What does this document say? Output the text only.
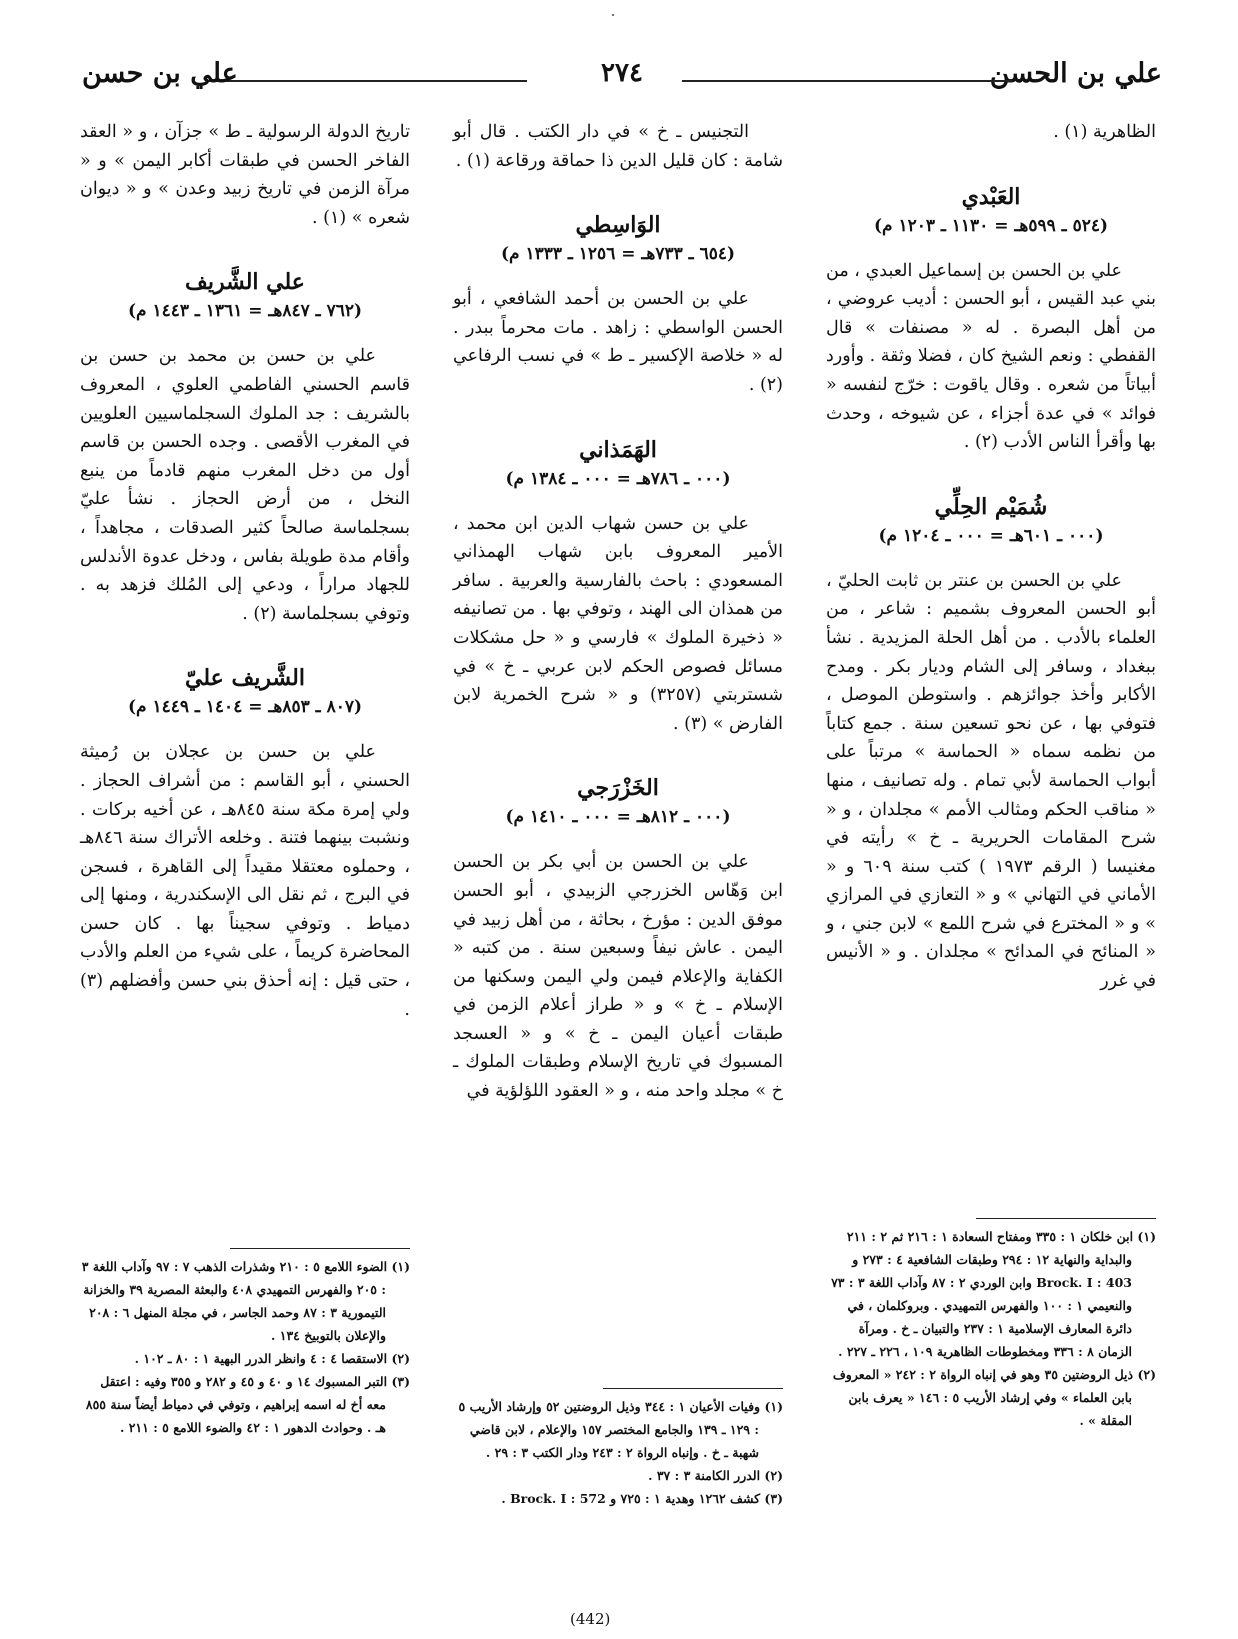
علي بن الحسن
٢٧٤
علي بن حسن

الظاهرية (١) .

العَبْدي
(٥٢٤ ـ ٥٩٩هـ = ١١٣٠ ـ ١٢٠٣ م)

علي بن الحسن بن إسماعيل العبدي ، من بني عبد القيس ، أبو الحسن : أديب عروضي ، من أهل البصرة . له « مصنفات » قال القفطي : ونعم الشيخ كان ، فضلا وثقة . وأورد أبياتاً من شعره . وقال ياقوت : خرّج لنفسه « فوائد » في عدة أجزاء ، عن شيوخه ، وحدث بها وأقرأ الناس الأدب (٢) .

شُمَيْم الحِلِّي
(٠٠٠ ـ ٦٠١هـ = ٠٠٠ ـ ١٢٠٤ م)

علي بن الحسن بن عنتر بن ثابت الحليّ ، أبو الحسن المعروف بشميم : شاعر ، من العلماء بالأدب . من أهل الحلة المزيدية . نشأ ببغداد ، وسافر إلى الشام وديار بكر . ومدح الأكابر وأخذ جوائزهم . واستوطن الموصل ، فتوفي بها ، عن نحو تسعين سنة . جمع كتاباً من نظمه سماه « الحماسة » مرتباً على أبواب الحماسة لأبي تمام . وله تصانيف ، منها « مناقب الحكم ومثالب الأمم » مجلدان ، و « شرح المقامات الحريرية ـ خ » رأيته في مغنيسا ( الرقم ١٩٧٣ ) كتب سنة ٦٠٩ و « الأماني في التهاني » و « التعازي في المرازي » و « المخترع في شرح اللمع » لابن جني ، و « المنائح في المدائح » مجلدان . و « الأنيس في غرر

التجنيس ـ خ » في دار الكتب . قال أبو شامة : كان قليل الدين ذا حماقة ورقاعة (١) .

الوَاسِطي
(٦٥٤ ـ ٧٣٣هـ = ١٢٥٦ ـ ١٣٣٣ م)

علي بن الحسن بن أحمد الشافعي ، أبو الحسن الواسطي : زاهد . مات محرماً ببدر . له « خلاصة الإكسير ـ ط » في نسب الرفاعي (٢) .

الهَمَذاني
(٠٠٠ ـ ٧٨٦هـ = ٠٠٠ ـ ١٣٨٤ م)

علي بن حسن شهاب الدين ابن محمد ، الأمير المعروف بابن شهاب الهمذاني المسعودي : باحث بالفارسية والعربية . سافر من همذان الى الهند ، وتوفي بها . من تصانيفه « ذخيرة الملوك » فارسي و « حل مشكلات مسائل فصوص الحكم لابن عربي ـ خ » في شستربتي (٣٢٥٧) و « شرح الخمرية لابن الفارض » (٣) .

الخَزْرَجي
(٠٠٠ ـ ٨١٢هـ = ٠٠٠ ـ ١٤١٠ م)

علي بن الحسن بن أبي بكر بن الحسن ابن وَهّاس الخزرجي الزبيدي ، أبو الحسن موفق الدين : مؤرخ ، بحاثة ، من أهل زبيد في اليمن . عاش نيفاً وسبعين سنة . من كتبه « الكفاية والإعلام فيمن ولي اليمن وسكنها من الإسلام ـ خ » و « طراز أعلام الزمن في طبقات أعيان اليمن ـ خ » و « العسجد المسبوك في تاريخ الإسلام وطبقات الملوك ـ خ » مجلد واحد منه ، و « العقود اللؤلؤية في

تاريخ الدولة الرسولية ـ ط » جزآن ، و « العقد الفاخر الحسن في طبقات أكابر اليمن » و « مرآة الزمن في تاريخ زبيد وعدن » و « ديوان شعره » (١) .

علي الشَّريف
(٧٦٢ ـ ٨٤٧هـ = ١٣٦١ ـ ١٤٤٣ م)

علي بن حسن بن محمد بن حسن بن قاسم الحسني الفاطمي العلوي ، المعروف بالشريف : جد الملوك السجلماسيين العلويين في المغرب الأقصى . وجده الحسن بن قاسم أول من دخل المغرب منهم قادماً من ينبع النخل ، من أرض الحجاز . نشأ عليّ بسجلماسة صالحاً كثير الصدقات ، مجاهداً ، وأقام مدة طويلة بفاس ، ودخل عدوة الأندلس للجهاد مراراً ، ودعي إلى المُلك فزهد به . وتوفي بسجلماسة (٢) .

الشَّريف عليّ
(٨٠٧ ـ ٨٥٣هـ = ١٤٠٤ ـ ١٤٤٩ م)

علي بن حسن بن عجلان بن رُميثة الحسني ، أبو القاسم : من أشراف الحجاز . ولي إمرة مكة سنة ٨٤٥هـ ، عن أخيه بركات . ونشبت بينهما فتنة . وخلعه الأتراك سنة ٨٤٦هـ ، وحملوه معتقلا مقيداً إلى القاهرة ، فسجن في البرج ، ثم نقل الى الإسكندرية ، ومنها إلى دمياط . وتوفي سجيناً بها . كان حسن المحاضرة كريماً ، على شيء من العلم والأدب ، حتى قيل : إنه أحذق بني حسن وأفضلهم (٣) .

(١) ابن خلكان ١ : ٣٣٥ ومفتاح السعادة ١ : ٢١٦ ثم ٢ : ٢١١ والبداية والنهاية ١٢ : ٢٩٤ وطبقات الشافعية ٤ : ٢٧٣ و Brock. I : 403 وابن الوردي ٢ : ٨٧ وآداب اللغة ٣ : ٧٣ والنعيمي ١ : ١٠٠ والفهرس التمهيدي . وبروكلمان ، في دائرة المعارف الإسلامية ١ : ٢٣٧ والتبيان ـ خ . ومرآة الزمان ٨ : ٣٣٦ ومخطوطات الظاهرية ١٠٩ ، ٢٢٦ ـ ٢٢٧ .

(٢) ذيل الروضتين ٣٥ وهو في إنباه الرواة ٢ : ٢٤٢ « المعروف بابن العلماء » وفي إرشاد الأريب ٥ : ١٤٦ « يعرف بابن المقلة » .

(١) وفيات الأعيان ١ : ٣٤٤ وذيل الروضتين ٥٢ وإرشاد الأريب ٥ : ١٢٩ ـ ١٣٩ والجامع المختصر ١٥٧ والإعلام ، لابن قاضي شهبة ـ خ . وإنباه الرواة ٢ : ٢٤٣ ودار الكتب ٣ : ٢٩ .

(٢) الدرر الكامنة ٣ : ٣٧ .

(٣) كشف ١٢٦٢ وهدية ١ : ٧٢٥ و Brock. I : 572 .

(١) الضوء اللامع ٥ : ٢١٠ وشذرات الذهب ٧ : ٩٧ وآداب اللغة ٣ : ٢٠٥ والفهرس التمهيدي ٤٠٨ والبعثة المصرية ٣٩ والخزانة التيمورية ٣ : ٨٧ وحمد الجاسر ، في مجلة المنهل ٦ : ٢٠٨ والإعلان بالتوبيخ ١٣٤ .

(٢) الاستقصا ٤ : ٤ وانظر الدرر البهية ١ : ٨٠ ـ ١٠٢ .

(٣) التبر المسبوك ١٤ و ٤٠ و ٤٥ و ٢٨٢ و ٣٥٥ وفيه : اعتقل معه أخ له اسمه إبراهيم ، وتوفي في دمياط أيضاً سنة ٨٥٥ هـ . وحوادث الدهور ١ : ٤٢ والضوء اللامع ٥ : ٢١١ .

(442)
